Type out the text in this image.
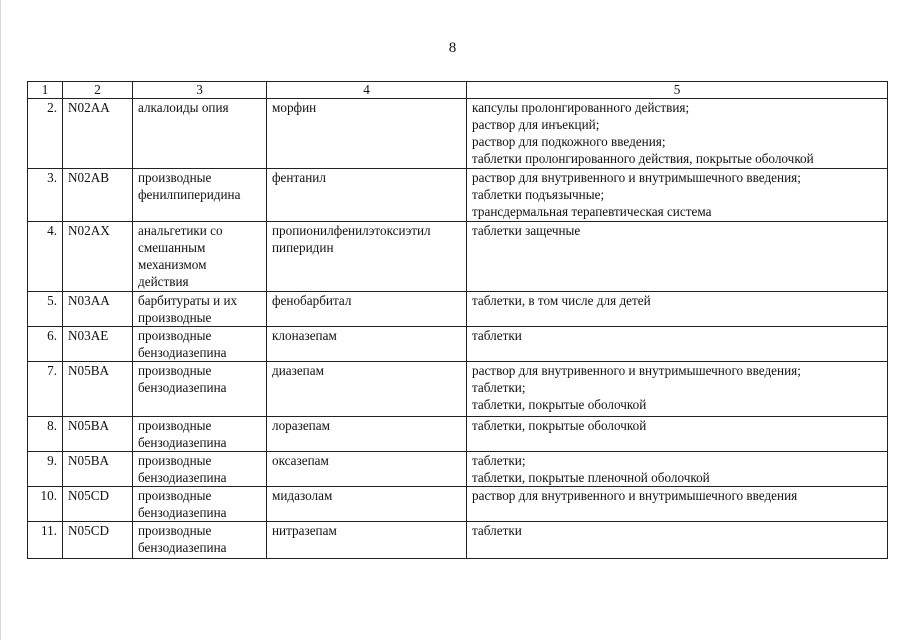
8
1	2	3	4	5
2.	N02AA	алкалоиды опия	морфин	капсулы пролонгированного действия;
раствор для инъекций;
раствор для подкожного введения;
таблетки пролонгированного действия, покрытые оболочкой

3.	N02AB	производные
фенилпиперидина	фентанил	раствор для внутривенного и внутримышечного введения;
таблетки подъязычные;
трансдермальная терапевтическая система

4.	N02AX	анальгетики со
смешанным
механизмом
действия	пропионилфенилэтоксиэтил
пиперидин	таблетки защечные

5.	N03AA	барбитураты и их
производные	фенобарбитал	таблетки, в том числе для детей

6.	N03AE	производные
бензодиазепина	клоназепам	таблетки

7.	N05BA	производные
бензодиазепина	диазепам	раствор для внутривенного и внутримышечного введения;
таблетки;
таблетки, покрытые оболочкой

8.	N05BA	производные
бензодиазепина	лоразепам	таблетки, покрытые оболочкой

9.	N05BA	производные
бензодиазепина	оксазепам	таблетки;
таблетки, покрытые пленочной оболочкой

10.	N05CD	производные
бензодиазепина	мидазолам	раствор для внутривенного и внутримышечного введения

11.	N05CD	производные
бензодиазепина	нитразепам	таблетки
